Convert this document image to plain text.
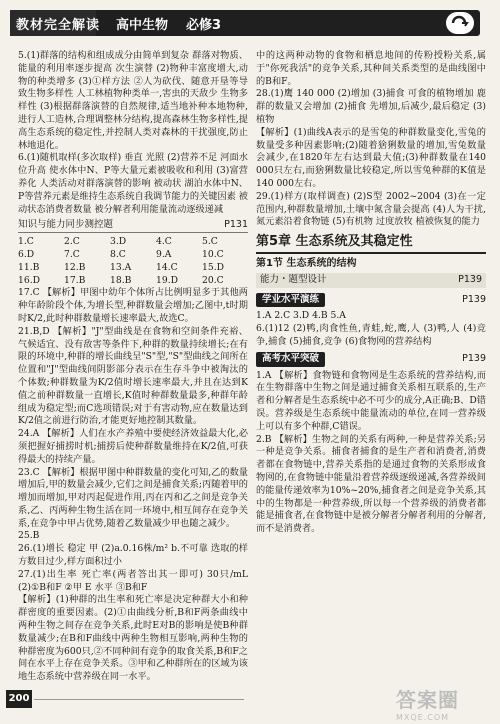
教材完全解读 高中生物 必修3

5.(1)群落的结构和组成成分由简单到复杂 群落对物质、能量的利用率逐步提高 次生演替 (2)物种丰富度增大,动物的种类增多 (3)①样方法 ②人为砍伐、随意开垦等导致生物多样性 人工林植物种类单一,害虫的天敌少 生物多样性 (3)根据群落演替的自然规律,适当地补种本地物种,进行人工造林,合理调整林分结构,提高森林生物多样性,提高生态系统的稳定性,并控制人类对森林的干扰强度,防止林地退化。

6.(1)随机取样(多次取样) 垂直 光照 (2)营养不足 河面水位升高 使水体中N、P等大量元素被吸收和利用 (3)富营养化 人类活动对群落演替的影响 被动状 湖泊水体中N、P等营养元素是维持生态系统自我调节能力的关键因素 被动状态消费者数量 被分解者利用能量流动逐级递减

知识与能力同步测控题	P131
1.C	2.C	3.D	4.C	5.C
6.D	7.C	8.C	9.A	10.C
11.B	12.B	13.A	14.C	15.D
16.D	17.B	18.B	19.D	20.C

17.C 【解析】甲图中幼年个体所占比例明显多于其他两种年龄阶段个体,为增长型,种群数量会增加;乙图中,t时期时K/2,此时种群数量增长速率最大,故选C。

21.B,D 【解析】"J"型曲线是在食物和空间条件充裕、气候适宜、没有敌害等条件下,种群的数量持续增长;在有限的环境中,种群的增长曲线呈"S"型,"S"型曲线之间所在位置和"J"型曲线间阴影部分表示在生存斗争中被淘汰的个体数;种群数量为K/2值时增长速率最大,并且在达到K值之前种群数量一直增长,K值时种群数量最多,种群年龄组成为稳定型;而C选项错误;对于有害动物,应在数量达到K/2值之前进行防治,才能更好地控制其数量。

24.A 【解析】人们在水产养殖中要使经济效益最大化,必须把握好捕捞时机;捕捞后使种群数量维持在K/2值,可获得最大的持续产量。

23.C 【解析】根据甲图中种群数量的变化可知,乙的数量增加后,甲的数量会减少,它们之间是捕食关系;丙随着甲的增加而增加,甲对丙起促进作用,丙在丙和乙之间是竞争关系,乙、丙两种生物生活在同一环境中,相互间存在竞争关系,在竞争中甲占优势,随着乙数量减少甲也随之减少。

25.B

26.(1)增长 稳定 甲 (2)a.0.16株/m² b.不可靠 选取的样方数目过少,样方面积过小

27.(1)出生率 死亡率(两者答出其一即可) 30只/mL (2)①B和F ②甲 E 水平 ③B和F

【解析】(1)种群的出生率和死亡率是决定种群大小和种群密度的重要因素。(2)①由曲线分析,B和F两条曲线中两种生物之间存在竞争关系,此时E对B的影响是使B种群数量减少;在B和F曲线中两种生物相互影响,两种生物的种群密度为600只,②不同种间有竞争的取食关系,B和F之间在水平上存在竞争关系。③甲和乙种群所在的区域为该地生态系统中营养级在同一水平。

中的这两种动物的食物和栖息地间的传粉授粉关系,属于"你死我活"的竞争关系,其种间关系类型的是曲线图中的B和F。

28.(1)鹰 140 000 (2)增加 (3)捕食 可食的植物增加 鹿群的数量又会增加 (2)捕食 先增加,后减少,最后稳定 (3)植物

【解析】(1)曲线A表示的是雪兔的种群数量变化,雪兔的数量受多种因素影响;(2)随着猞猁数量的增加,雪兔数量会减少,在1820年左右达到最大值;(3)种群数量在140 000只左右,而猞猁数量比较稳定,所以雪兔种群的K值是140 000左右。

29.(1)样方(取样调查) (2)S型 2002~2004 (3)在一定范围内,种群数量增加,土壤中氮含量会提高 (4)人为干扰,氮元素沿着食物链 (5)有机物 过度放牧 植被恢复的能力

第5章 生态系统及其稳定性
第1节 生态系统的结构
能力・题型设计	P139
学业水平演练	P139

1.A 2.C 3.D 4.B 5.A

6.(1)12 (2)鸭,肉食性鱼,青蛙,蛇,鹰,人 (3)鸭,人 (4)竞争,捕食 (5)捕食,竞争 (6)食物网的营养结构

高考水平突破	P139

1.A 【解析】食物链和食物网是生态系统的营养结构,而在生物群落中生物之间是通过捕食关系相互联系的,生产者和分解者是生态系统中必不可少的成分,A正确;B、D错误。营养级是生态系统中能量流动的单位,在同一营养级上可以有多个种群,C错误。

2.B 【解析】生物之间的关系有两种,一种是营养关系;另一种是竞争关系。捕食者捕食的是生产者和消费者,消费者都在食物链中,营养关系指的是通过食物的关系形成食物网的,在食物链中能量沿着营养级逐级递减,各营养级间的能量传递效率为10%~20%,捕食者之间是竞争关系,其中的生物都是一种营养级,所以每一个营养级的消费者都能是捕食者,在食物链中是被分解者分解者利用的分解者,而不是消费者。

200	答案圈
MXQE.COM
